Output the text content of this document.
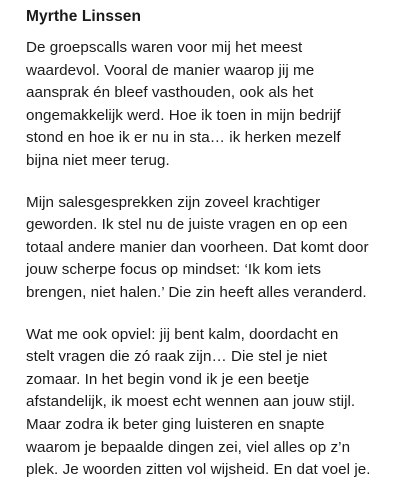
Myrthe Linssen
De groepscalls waren voor mij het meest
waardevol. Vooral de manier waarop jij me
aansprak én bleef vasthouden, ook als het
ongemakkelijk werd. Hoe ik toen in mijn bedrijf
stond en hoe ik er nu in sta… ik herken mezelf
bijna niet meer terug.
Mijn salesgesprekken zijn zoveel krachtiger
geworden. Ik stel nu de juiste vragen en op een
totaal andere manier dan voorheen. Dat komt door
jouw scherpe focus op mindset: ‘Ik kom iets
brengen, niet halen.’ Die zin heeft alles veranderd.
Wat me ook opviel: jij bent kalm, doordacht en
stelt vragen die zó raak zijn… Die stel je niet
zomaar. In het begin vond ik je een beetje
afstandelijk, ik moest echt wennen aan jouw stijl.
Maar zodra ik beter ging luisteren en snapte
waarom je bepaalde dingen zei, viel alles op z’n
plek. Je woorden zitten vol wijsheid. En dat voel je.
